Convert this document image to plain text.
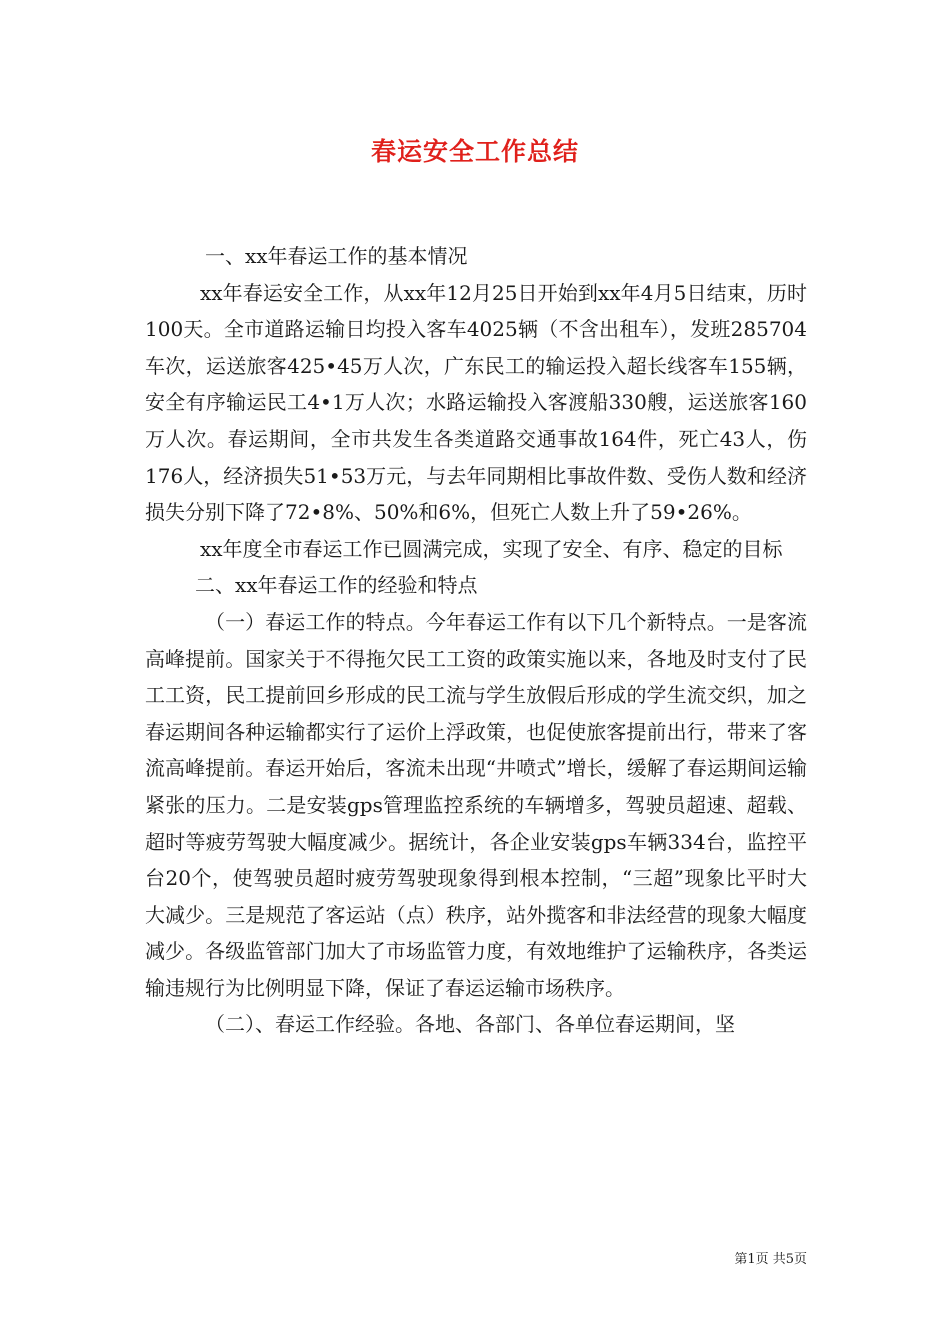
春运安全工作总结

一、xx年春运工作的基本情况

xx年春运安全工作，从xx年12月25日开始到xx年4月5日结束，历时100天。全市道路运输日均投入客车4025辆（不含出租车），发班285704车次，运送旅客425•45万人次，广东民工的输运投入超长线客车155辆，安全有序输运民工4•1万人次；水路运输投入客渡船330艘，运送旅客160万人次。春运期间，全市共发生各类道路交通事故164件，死亡43人，伤176人，经济损失51•53万元，与去年同期相比事故件数、受伤人数和经济损失分别下降了72•8%、50%和6%，但死亡人数上升了59•26%。

xx年度全市春运工作已圆满完成，实现了安全、有序、稳定的目标

二、xx年春运工作的经验和特点

（一）春运工作的特点。今年春运工作有以下几个新特点。一是客流高峰提前。国家关于不得拖欠民工工资的政策实施以来，各地及时支付了民工工资，民工提前回乡形成的民工流与学生放假后形成的学生流交织，加之春运期间各种运输都实行了运价上浮政策，也促使旅客提前出行，带来了客流高峰提前。春运开始后，客流未出现“井喷式”增长，缓解了春运期间运输紧张的压力。二是安装gps管理监控系统的车辆增多，驾驶员超速、超载、超时等疲劳驾驶大幅度减少。据统计，各企业安装gps车辆334台，监控平台20个，使驾驶员超时疲劳驾驶现象得到根本控制，“三超”现象比平时大大减少。三是规范了客运站（点）秩序，站外揽客和非法经营的现象大幅度减少。各级监管部门加大了市场监管力度，有效地维护了运输秩序，各类运输违规行为比例明显下降，保证了春运运输市场秩序。

（二）、春运工作经验。各地、各部门、各单位春运期间，坚

第1页 共5页
